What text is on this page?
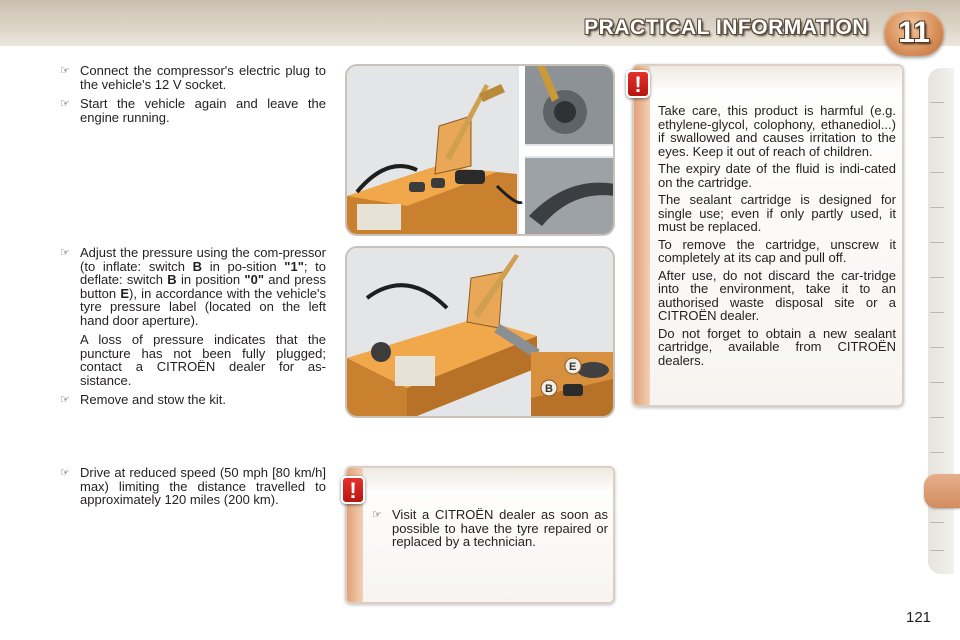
PRACTICAL INFORMATION	11
☞ Connect the compressor's electric plug to the vehicle's 12 V socket.
☞ Start the vehicle again and leave the engine running.
☞ Adjust the pressure using the com-pressor (to inflate: switch B in po-sition "1"; to deflate: switch B in position "0" and press button E), in accordance with the vehicle's tyre pressure label (located on the left hand door aperture).
A loss of pressure indicates that the puncture has not been fully plugged; contact a CITROËN dealer for as-sistance.
☞ Remove and stow the kit.
☞ Drive at reduced speed (50 mph [80 km/h] max) limiting the distance travelled to approximately 120 miles (200 km).
E
B
!

Take care, this product is harmful (e.g. ethylene-glycol, colophony, ethanediol...) if swallowed and causes irritation to the eyes. Keep it out of reach of children.

The expiry date of the fluid is indi-cated on the cartridge.

The sealant cartridge is designed for single use; even if only partly used, it must be replaced.

To remove the cartridge, unscrew it completely at its cap and pull off.

After use, do not discard the car-tridge into the environment, take it to an authorised waste disposal site or a CITROËN dealer.

Do not forget to obtain a new sealant cartridge, available from CITROËN dealers.

!
☞ Visit a CITROËN dealer as soon as possible to have the tyre repaired or replaced by a technician.
121
